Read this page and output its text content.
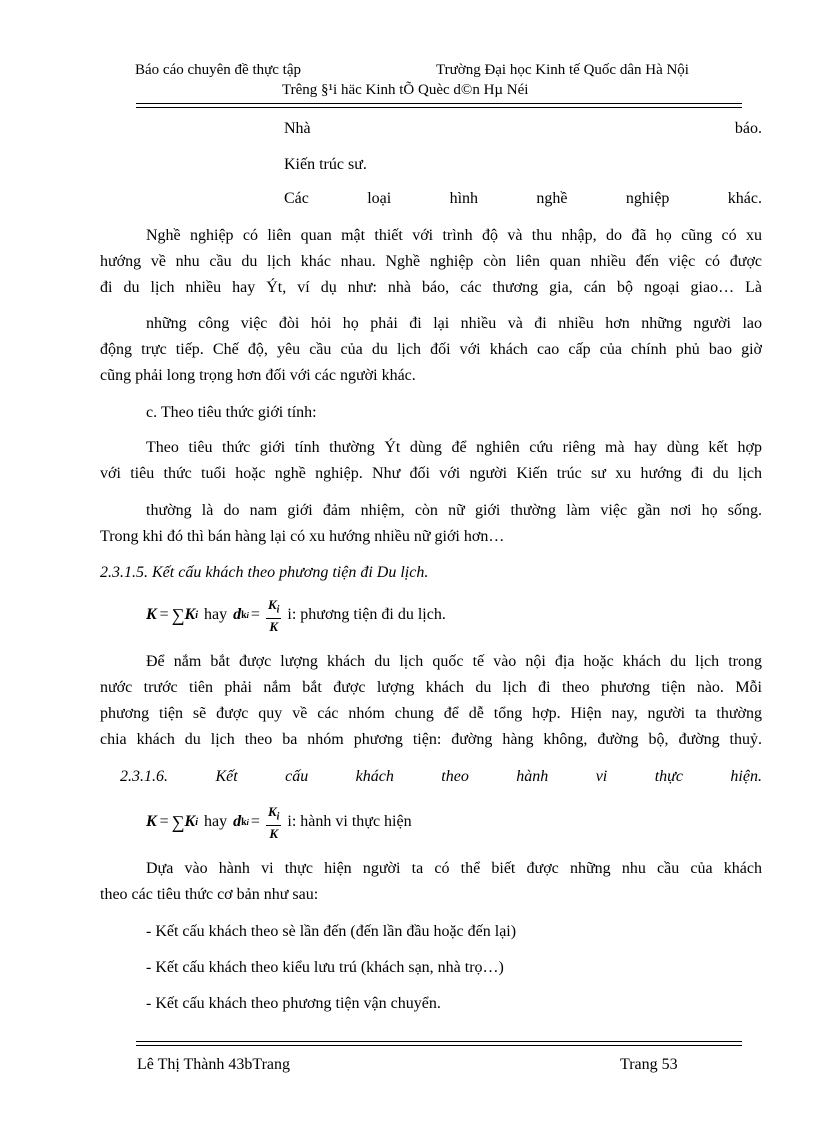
Báo cáo chuyên đề thực tập	Trường Đại học Kinh tế Quốc dân Hà Nội
Trêng §¹i häc Kinh tÕ Quèc d©n Hµ Néi
Nhà	báo.
Kiến trúc sư.
Các	loại	hình	nghề	nghiệp	khác.
Nghề nghiệp có liên quan mật thiết với trình độ và thu nhập, do đã họ cũng có xu
hướng về nhu cầu du lịch khác nhau. Nghề nghiệp còn liên quan nhiều đến việc có được
đi du lịch nhiều hay Ýt, ví dụ như: nhà báo, các thương gia, cán bộ ngoại giao… Là
những công việc đòi hỏi họ phải đi lại nhiều và đi nhiều hơn những người lao
động trực tiếp. Chế độ, yêu cầu của du lịch đối với khách cao cấp của chính phủ bao giờ
cũng phải long trọng hơn đối với các người khác.
c. Theo tiêu thức giới tính:
Theo tiêu thức giới tính thường Ýt dùng để nghiên cứu riêng mà hay dùng kết hợp
với tiêu thức tuổi hoặc nghề nghiệp. Như đối với người Kiến trúc sư xu hướng đi du lịch
thường là do nam giới đảm nhiệm, còn nữ giới thường làm việc gần nơi họ sống.
Trong khi đó thì bán hàng lại có xu hướng nhiều nữ giới hơn…
2.3.1.5. Kết cấu khách theo phương tiện đi Du lịch.
K = ∑ K i hay d k $i = \frac{K_i}{K} i$: phương tiện đi du lịch.
Để nắm bắt được lượng khách du lịch quốc tế vào nội địa hoặc khách du lịch trong
nước trước tiên phải nắm bắt được lượng khách du lịch đi theo phương tiện nào. Mỗi
phương tiện sẽ được quy về các nhóm chung để dễ tổng hợp. Hiện nay, người ta thường
chia khách du lịch theo ba nhóm phương tiện: đường hàng không, đường bộ, đường thuỷ.
2.3.1.6.	Kết	cấu	khách	theo	hành	vi	thực	hiện.
K = ∑ K i hay d k $i = \frac{K_i}{K} i$: hành vi thực hiện
Dựa vào hành vi thực hiện người ta có thể biết được những nhu cầu của khách
theo các tiêu thức cơ bản như sau:
- Kết cấu khách theo sè lần đến (đến lần đầu hoặc đến lại)
- Kết cấu khách theo kiểu lưu trú (khách sạn, nhà trọ…)
- Kết cấu khách theo phương tiện vận chuyển.
Lê Thị Thành 43bTrang	Trang 53
